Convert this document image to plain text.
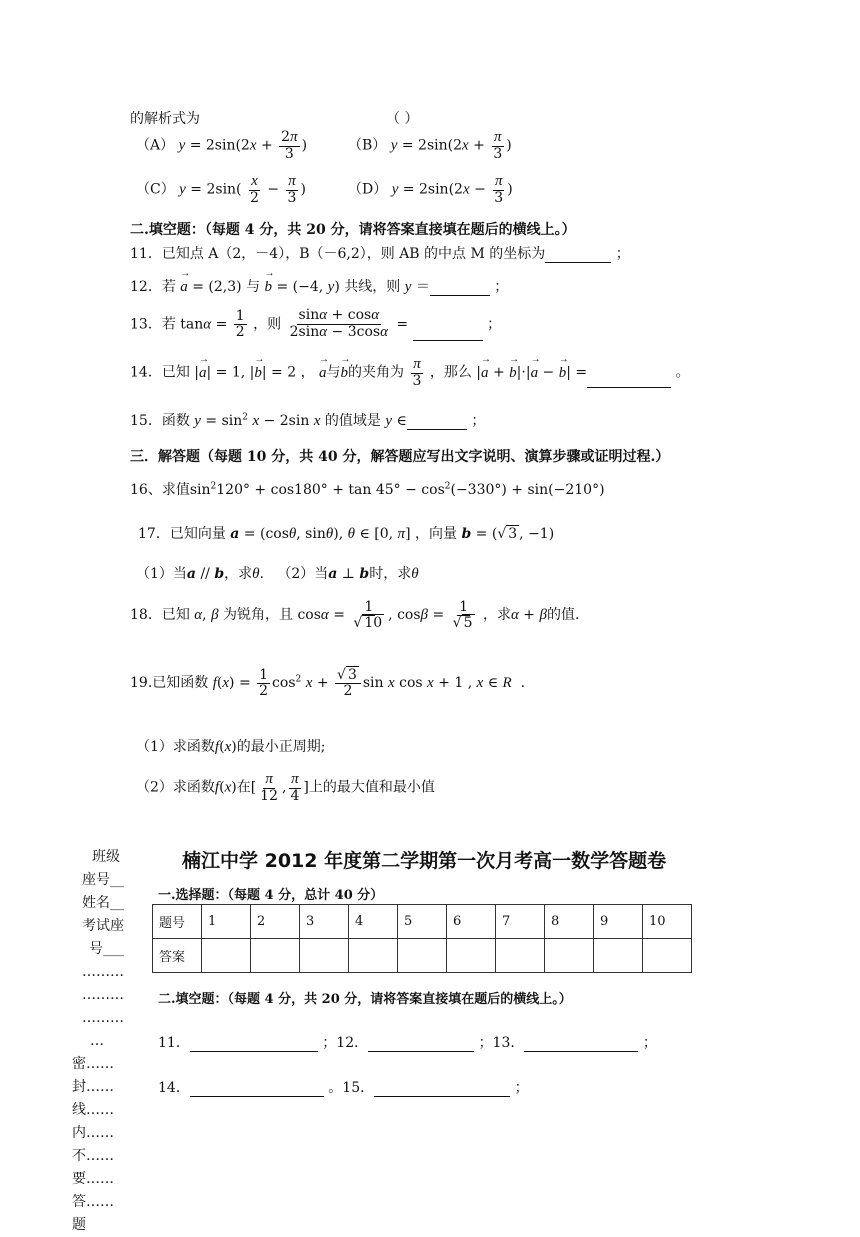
的解析式为	（ ）
（A） $y = 2\sin(2x + \frac{2\pi}{3}$ )	（B） $y = 2\sin(2x + \frac{\pi}{3}$ )
（C） $y = 2\sin( \frac{x}{2} - \frac{\pi}{3}$ )	（D） $y = 2\sin(2x - \frac{\pi}{3}$ )
二.填空题：（每题 4 分，共 20 分，请将答案直接填在题后的横线上。）
11．已知点 A（2，－4），B（－6,2），则 AB 的中点 M 的坐标为	；
12．若 → a = (2,3) 与 → b = (−4, y) 共线，则 y ＝	；
13．若 $\tan\alpha = \frac{1}{2}$ ，则 $\frac{\sin\alpha + \cos\alpha}{2\sin\alpha - 3\cos\alpha}$ =	；
14．已知 |→ a| = 1, |→ b| = 2 ， → a与→ b的夹角为 $\frac{\pi}{3}$ ，那么 |→ a + → b|·|→ a − → b| =	。
15．函数 $y = \sin^2 x - 2\sin$ x 的值域是 y ∈	；
三．解答题（每题 10 分，共 40 分，解答题应写出文字说明、演算步骤或证明过程.）
16、求值$\sin^2120^\circ + \cos 180^\circ + \tan 45^\circ - \cos^2(-330^\circ) + \sin(-210^\circ)$
17．已知向量 a = (cosθ, sinθ), θ ∈ [0, π] ，向量 b = (√ 3 , −1)
（1）当a // b，求θ. （2）当a ⊥ b时，求θ
18．已知 α, β 为锐角，且 $\cos\alpha = \frac{1}{√ 10}$ , $\cos\beta = \frac{1}{√ 5}$ ，求α + β的值.
19.已知函数 $f(x) = \frac{1}{2} \cos^2 x + \frac{√ 3}{2}$ sin x cos x + 1 , x ∈ R  .
（1）求函数f(x)的最小正周期;
（2）求函数f(x)在[ $\frac{\pi}{12}$ , $\frac{\pi}{4}$ ]上的最大值和最小值
楠江中学 2012 年度第二学期第一次月考高一数学答题卷
一.选择题：（每题 4 分，总计 40 分）
题号	1	2	3	4	5	6	7	8	9	10
答案										
二.填空题：（每题 4 分，共 20 分，请将答案直接填在题后的横线上。）
11．	；12．	；13．	；
14．	。15．	；
班级
座号__
姓名__
考试座
号___
………
………
………
…
密……
封……
线……
内……
不……
要……
答……
题
